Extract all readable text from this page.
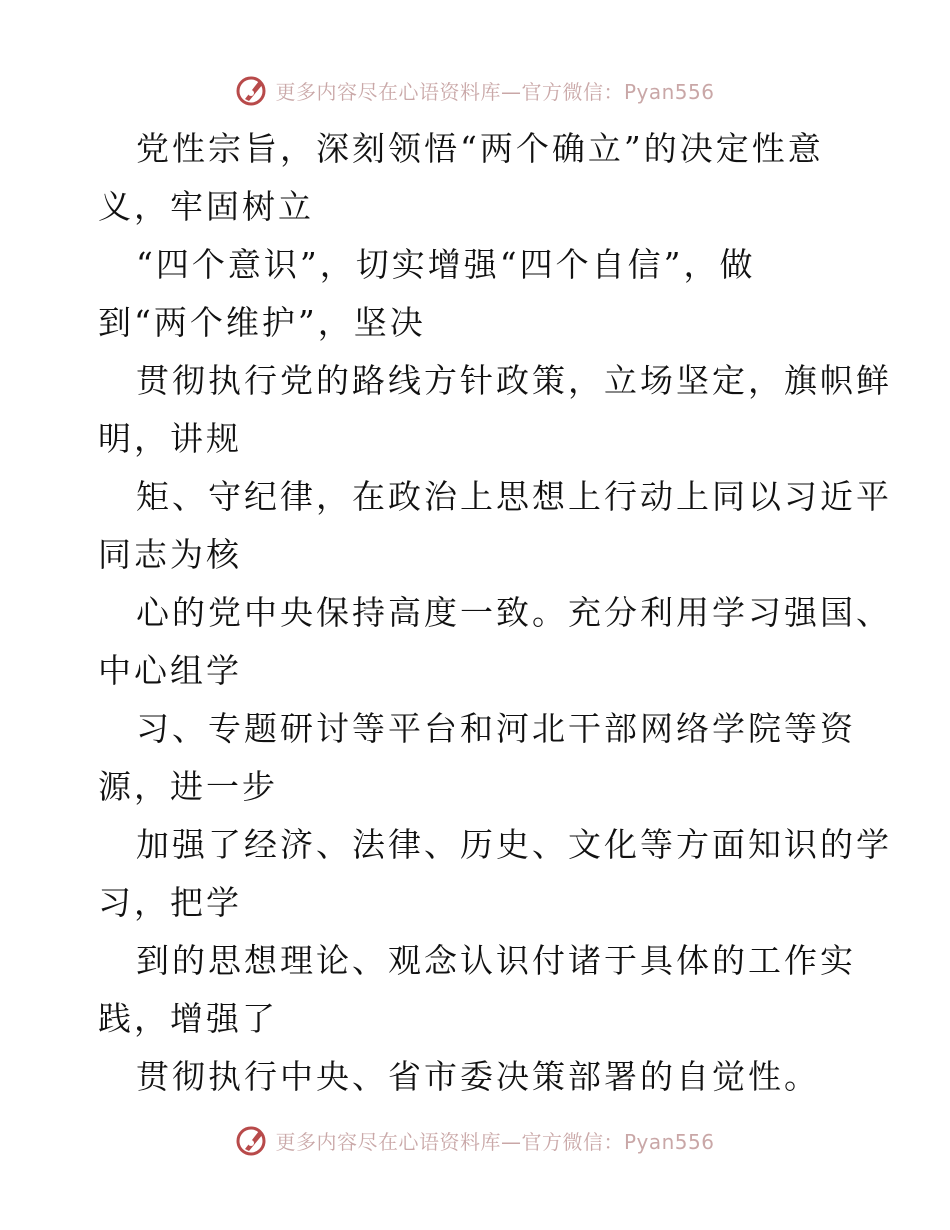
更多内容尽在心语资料库—官方微信：Pyan556
党性宗旨，深刻领悟“两个确立”的决定性意
义，牢固树立
“四个意识”，切实增强“四个自信”，做
到“两个维护”，坚决
贯彻执行党的路线方针政策，立场坚定，旗帜鲜
明，讲规
矩、守纪律，在政治上思想上行动上同以习近平
同志为核
心的党中央保持高度一致。充分利用学习强国、
中心组学
习、专题研讨等平台和河北干部网络学院等资
源，进一步
加强了经济、法律、历史、文化等方面知识的学
习，把学
到的思想理论、观念认识付诸于具体的工作实
践，增强了
贯彻执行中央、省市委决策部署的自觉性。
更多内容尽在心语资料库—官方微信：Pyan556
